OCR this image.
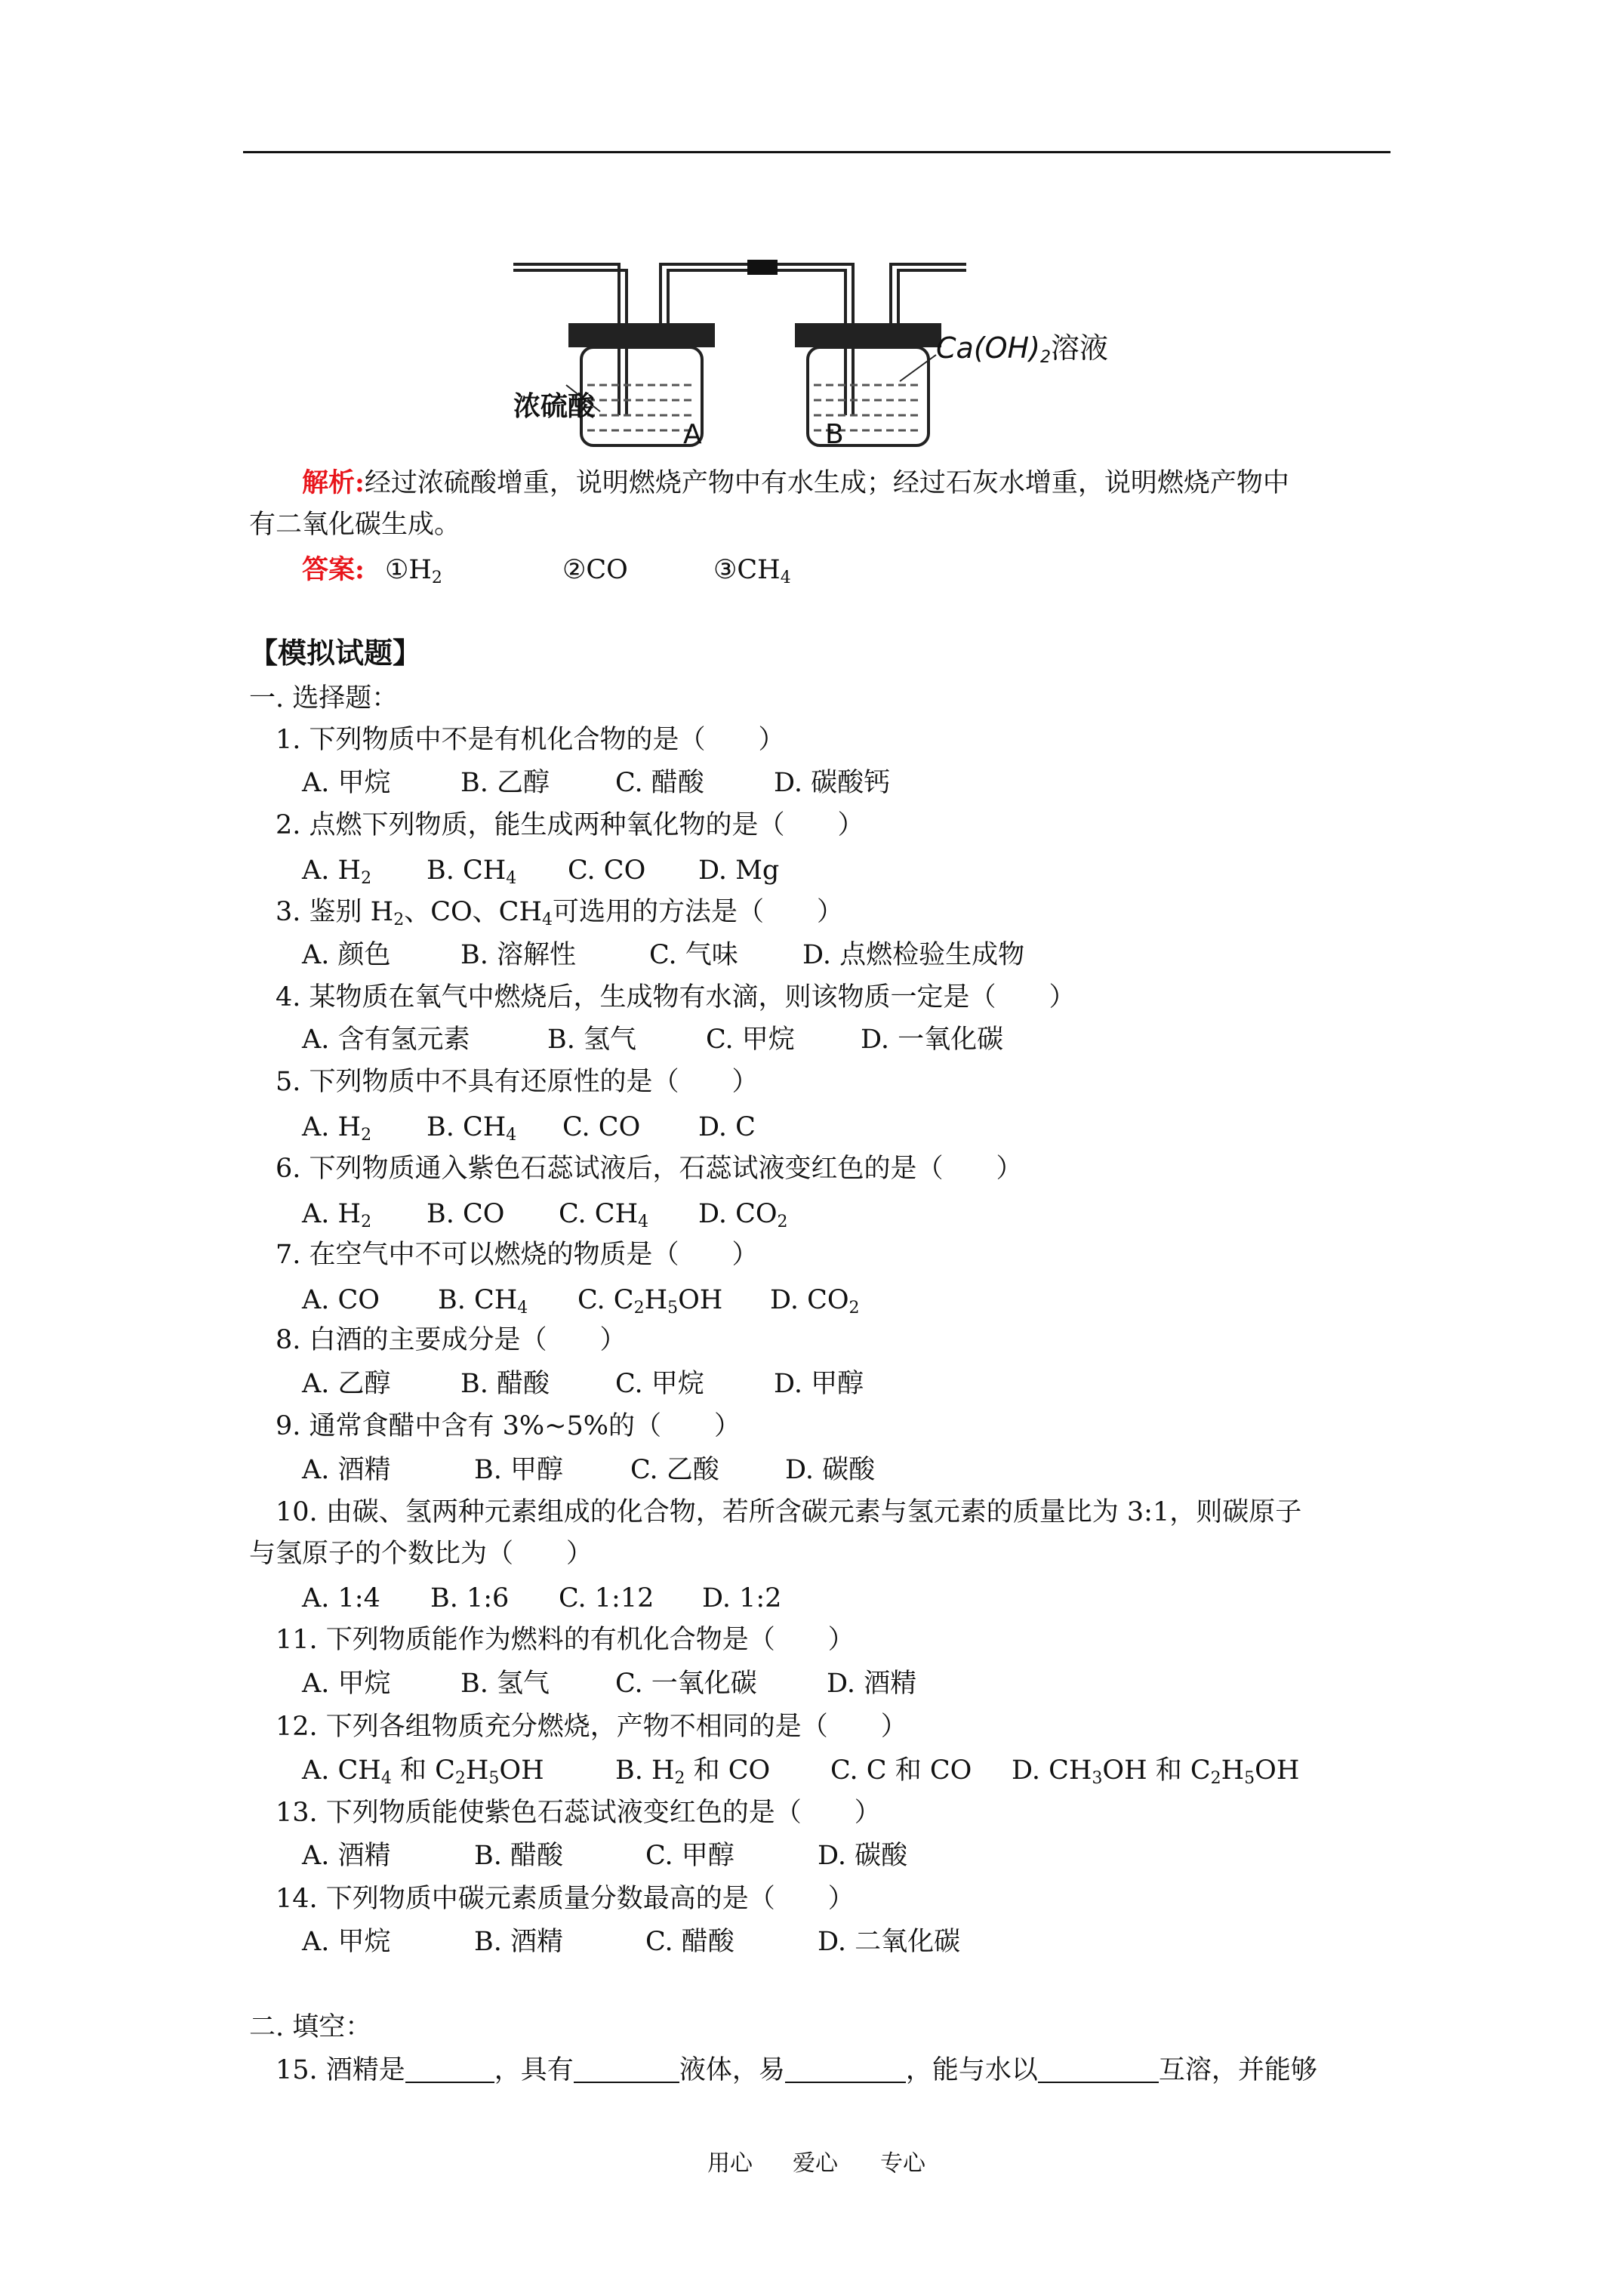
浓硫酸
$Ca(OH)_2$溶液
A	B
解析:经过浓硫酸增重，说明燃烧产物中有水生成；经过石灰水增重，说明燃烧产物中
有二氧化碳生成。
答案: $①H_2$	②CO	$③CH_4$
【模拟试题】
一. 选择题：
1. 下列物质中不是有机化合物的是（　　）
A. 甲烷	B. 乙醇 C. 醋酸	D. 碳酸钙
2. 点燃下列物质，能生成两种氧化物的是（　　）
A. $H_2$ B. $CH_4$ C. CO D. Mg
3. 鉴别 $H_2$、CO、$CH_4$可选用的方法是（　　）
A. 颜色	B. 溶解性	C. 气味 D. 点燃检验生成物
4. 某物质在氧气中燃烧后，生成物有水滴，则该物质一定是（　　）
A. 含有氢元素	B. 氢气	C. 甲烷 D. 一氧化碳
5. 下列物质中不具有还原性的是（　　）
A. $H_2$ B. $CH_4$ C. CO D. C
6. 下列物质通入紫色石蕊试液后，石蕊试液变红色的是（　　）
A. $H_2$ B. CO C. $CH_4$ D. $CO_2$
7. 在空气中不可以燃烧的物质是（　　）
A. CO B. $CH_4$ C. $C_2H_5OH$ D. $CO_2$
8. 白酒的主要成分是（　　）
A. 乙醇	B. 醋酸 C. 甲烷	D. 甲醇
9. 通常食醋中含有 3%~5%的（　　）
A. 酒精	B. 甲醇	C. 乙酸 D. 碳酸
10. 由碳、氢两种元素组成的化合物，若所含碳元素与氢元素的质量比为 3:1，则碳原子
与氢原子的个数比为（　　）
A. 1:4 B. 1:6 C. 1:12 D. 1:2
11. 下列物质能作为燃料的有机化合物是（　　）
A. 甲烷	B. 氢气 C. 一氧化碳	D. 酒精
12. 下列各组物质充分燃烧，产物不相同的是（　　）
A. $CH_4$ 和 $C_2H_5OH$	B. $H_2$ 和 CO C. C 和 CO D. $CH_3OH$ 和 $C_2H_5OH$
13. 下列物质能使紫色石蕊试液变红色的是（　　）
A. 酒精	B. 醋酸	C. 甲醇	D. 碳酸
14. 下列物质中碳元素质量分数最高的是（　　）
A. 甲烷	B. 酒精	C. 醋酸	D. 二氧化碳
二. 填空：
15. 酒精是	，具有	液体，易	，能与水以	互溶，并能够
用心 爱心 专心
